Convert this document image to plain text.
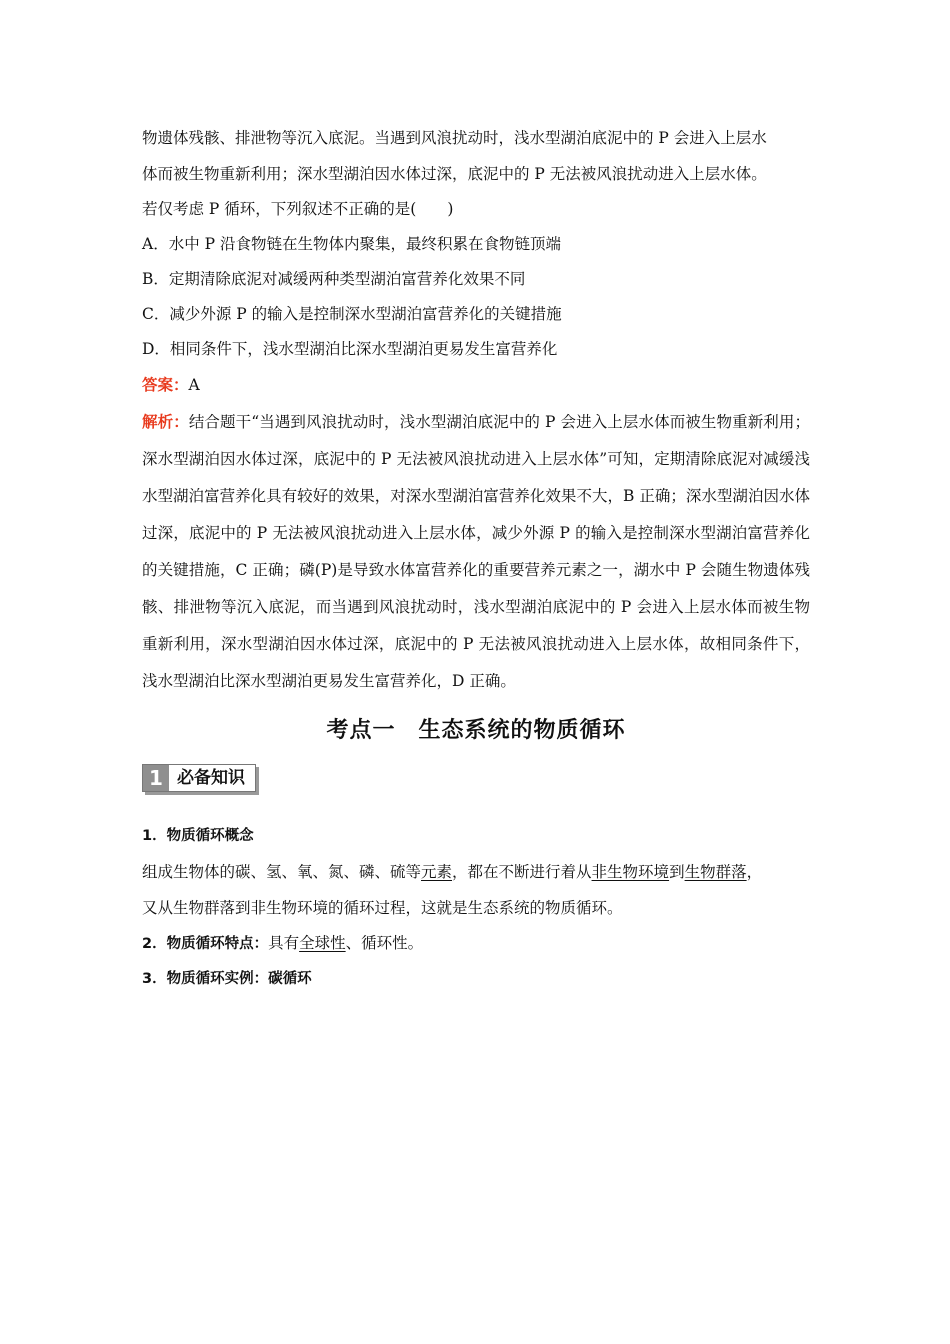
物遗体残骸、排泄物等沉入底泥。当遇到风浪扰动时，浅水型湖泊底泥中的 P 会进入上层水

体而被生物重新利用；深水型湖泊因水体过深，底泥中的 P 无法被风浪扰动进入上层水体。

若仅考虑 P 循环，下列叙述不正确的是(　　)

A．水中 P 沿食物链在生物体内聚集，最终积累在食物链顶端

B．定期清除底泥对减缓两种类型湖泊富营养化效果不同

C．减少外源 P 的输入是控制深水型湖泊富营养化的关键措施

D．相同条件下，浅水型湖泊比深水型湖泊更易发生富营养化

答案：A

解析：结合题干“当遇到风浪扰动时，浅水型湖泊底泥中的 P 会进入上层水体而被生物重新利用；深水型湖泊因水体过深，底泥中的 P 无法被风浪扰动进入上层水体”可知，定期清除底泥对减缓浅水型湖泊富营养化具有较好的效果，对深水型湖泊富营养化效果不大，B 正确；深水型湖泊因水体过深，底泥中的 P 无法被风浪扰动进入上层水体，减少外源 P 的输入是控制深水型湖泊富营养化的关键措施，C 正确；磷(P)是导致水体富营养化的重要营养元素之一，湖水中 P 会随生物遗体残骸、排泄物等沉入底泥，而当遇到风浪扰动时，浅水型湖泊底泥中的 P 会进入上层水体而被生物重新利用，深水型湖泊因水体过深，底泥中的 P 无法被风浪扰动进入上层水体，故相同条件下，浅水型湖泊比深水型湖泊更易发生富营养化，D 正确。

考点一　生态系统的物质循环
1 必备知识

1．物质循环概念

组成生物体的碳、氢、氧、氮、磷、硫等元素，都在不断进行着从非生物环境到生物群落，

又从生物群落到非生物环境的循环过程，这就是生态系统的物质循环。

2．物质循环特点：具有全球性、循环性。

3．物质循环实例：碳循环
